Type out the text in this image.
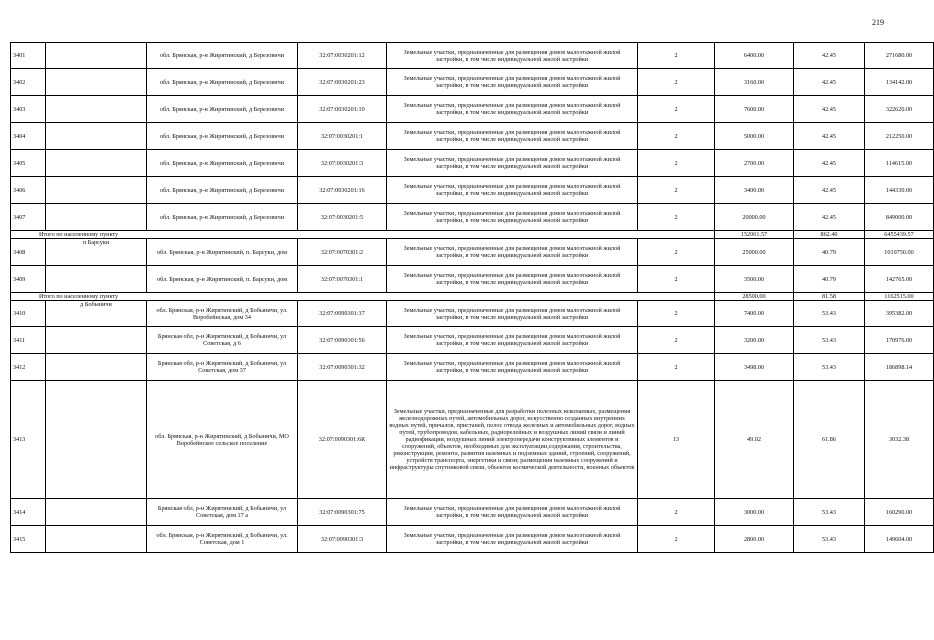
219
3401		обл. Брянская, р-н Жирятинский, д Березовичи	32:07:0030201:12	Земельные участки, предназначенные для размещения домов малоэтажной жилой застройки, в том числе индивидуальной жилой застройки	2	6400.00	42.45	271680.00
3402		обл. Брянская, р-н Жирятинский, д Березовичи	32:07:0030201:23	Земельные участки, предназначенные для размещения домов малоэтажной жилой застройки, в том числе индивидуальной жилой застройки	2	3160.00	42.45	134142.00
3403		обл. Брянская, р-н Жирятинский, д Березовичи	32:07:0030201:10	Земельные участки, предназначенные для размещения домов малоэтажной жилой застройки, в том числе индивидуальной жилой застройки	2	7600.00	42.45	322620.00
3404		обл. Брянская, р-н Жирятинский, д Березовичи	32:07:0030201:1	Земельные участки, предназначенные для размещения домов малоэтажной жилой застройки, в том числе индивидуальной жилой застройки	2	5000.00	42.45	212250.00
3405		обл. Брянская, р-н Жирятинский, д Березовичи	32:07:0030201:3	Земельные участки, предназначенные для размещения домов малоэтажной жилой застройки, в том числе индивидуальной жилой застройки	2	2700.00	42.45	114615.00
3406		обл. Брянская, р-н Жирятинский, д Березовичи	32:07:0030201:16	Земельные участки, предназначенные для размещения домов малоэтажной жилой застройки, в том числе индивидуальной жилой застройки	2	3400.00	42.45	144330.00
3407		обл. Брянская, р-н Жирятинский, д Березовичи	32:07:0030201:5	Земельные участки, предназначенные для размещения домов малоэтажной жилой застройки, в том числе индивидуальной жилой застройки	2	20000.00	42.45	849000.00
Итого по населенному пункту						152061.57	862.40	6455439.57
3408	п Барсуки	обл. Брянская, р-н Жирятинский, п. Барсуки, дом	32:07:0070301:2	Земельные участки, предназначенные для размещения домов малоэтажной жилой застройки, в том числе индивидуальной жилой застройки	2	25000.00	40.79	1019750.00
3409		обл. Брянская, р-н Жирятинский, п. Барсуки, дом	32:07:0070301:1	Земельные участки, предназначенные для размещения домов малоэтажной жилой застройки, в том числе индивидуальной жилой застройки	2	3500.00	40.79	142765.00
Итого по населенному пункту						28500.00	81.58	1162515.00
3410	д Бобыничи	обл. Брянская, р-н Жирятинский, д Бобыничи, ул. Воробейнская, дом 34	32:07:0090301:37	Земельные участки, предназначенные для размещения домов малоэтажной жилой застройки, в том числе индивидуальной жилой застройки	2	7400.00	53.43	395382.00
3411		Брянская обл, р-н Жирятинский, д Бобыничи, ул Советская, д 6	32:07:0090301:56	Земельные участки, предназначенные для размещения домов малоэтажной жилой застройки, в том числе индивидуальной жилой застройки	2	3200.00	53.43	170976.00
3412		Брянская обл, р-н Жирятинский, д Бобыничи, ул Советская, дом 37	32:07:0090301:32	Земельные участки, предназначенные для размещения домов малоэтажной жилой застройки, в том числе индивидуальной жилой застройки	2	3498.00	53.43	186898.14
3413		обл. Брянская, р-н Жирятинский, д Бобыничи, МО Воробейнское сельское поселение	32:07:0090301:6К	Земельные участки, предназначенные для разработки полезных ископаемых, размещения железнодорожных путей, автомобильных дорог, искусственно созданных внутренних водных путей, причалов, пристаней, полос отвода железных и автомобильных дорог, водных путей, трубопроводов, кабельных, радиорелейных и воздушных линий связи и линий радиофикации, воздушных линий электропередачи конструктивных элементов и сооружений, объектов, необходимых для эксплуатации,содержания, строительства, реконструкции, ремонта, развития наземных и подземных зданий, строений, сооружений, устройств транспорта, энергетики и связи; размещения наземных сооружений и инфраструктуры спутниковой связи, объектов космической деятельности, военных объектов	13	49.02	61.86	3032.38
3414		Брянская обл, р-н Жирятинский, д Бобыничи, ул Советская, дом 17 а	32:07:0090301:75	Земельные участки, предназначенные для размещения домов малоэтажной жилой застройки, в том числе индивидуальной жилой застройки	2	3000.00	53.43	160290.00
3415		обл. Брянская, р-н Жирятинский, д Бобыничи, ул. Советская, дом 1	32:07:0090301:3	Земельные участки, предназначенные для размещения домов малоэтажной жилой застройки, в том числе индивидуальной жилой застройки	2	2800.00	53.43	149604.00
